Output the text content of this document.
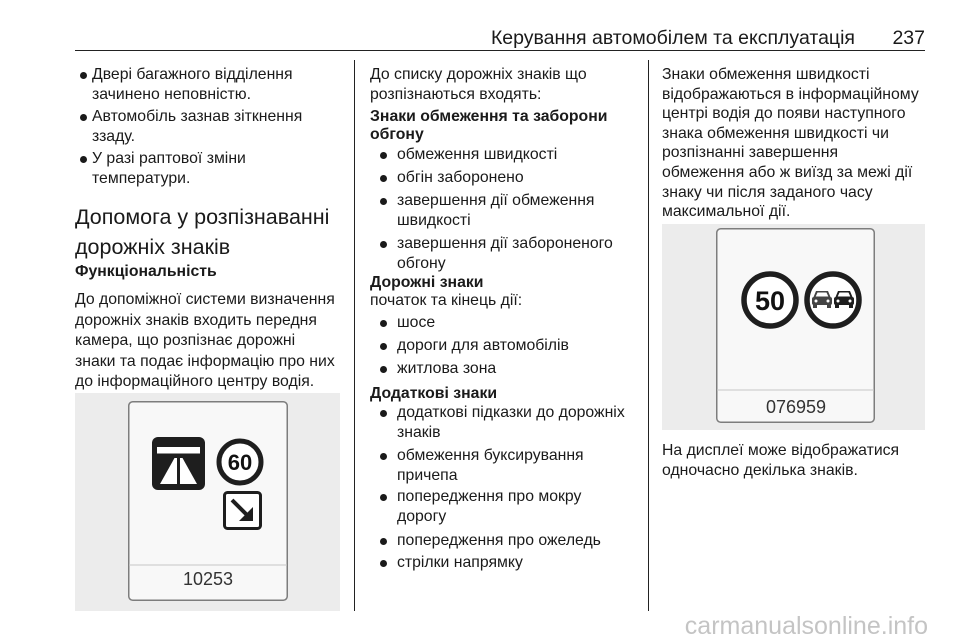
Керування автомобілем та експлуатація 237
Двері багажного відділення
зачинено неповністю.
Автомобіль зазнав зіткнення
ззаду.
У разі раптової зміни
температури.
Допомога у розпізнаванні
дорожніх знаків
Функціональність

До допоміжної системи визначення
дорожніх знаків входить передня
камера, що розпізнає дорожні
знаки та подає інформацію про них
до інформаційного центру водія.

60
10253

До списку дорожніх знаків що
розпізнаються входять:

Знаки обмеження та заборони
обгону

обмеження швидкості
обгін заборонено
завершення дії обмеження
швидкості
завершення дії забороненого
обгону

Дорожні знаки

початок та кінець дії:

шосе
дороги для автомобілів
житлова зона

Додаткові знаки

додаткові підказки до дорожніх
знаків
обмеження буксирування
причепа
попередження про мокру
дорогу
попередження про ожеледь
стрілки напрямку

Знаки обмеження швидкості
відображаються в інформаційному
центрі водія до появи наступного
знака обмеження швидкості чи
розпізнанні завершення
обмеження або ж виїзд за межі дії
знаку чи після заданого часу
максимальної дії.

50
076959

На дисплеї може відображатися
одночасно декілька знаків.

carmanualsonline.info
